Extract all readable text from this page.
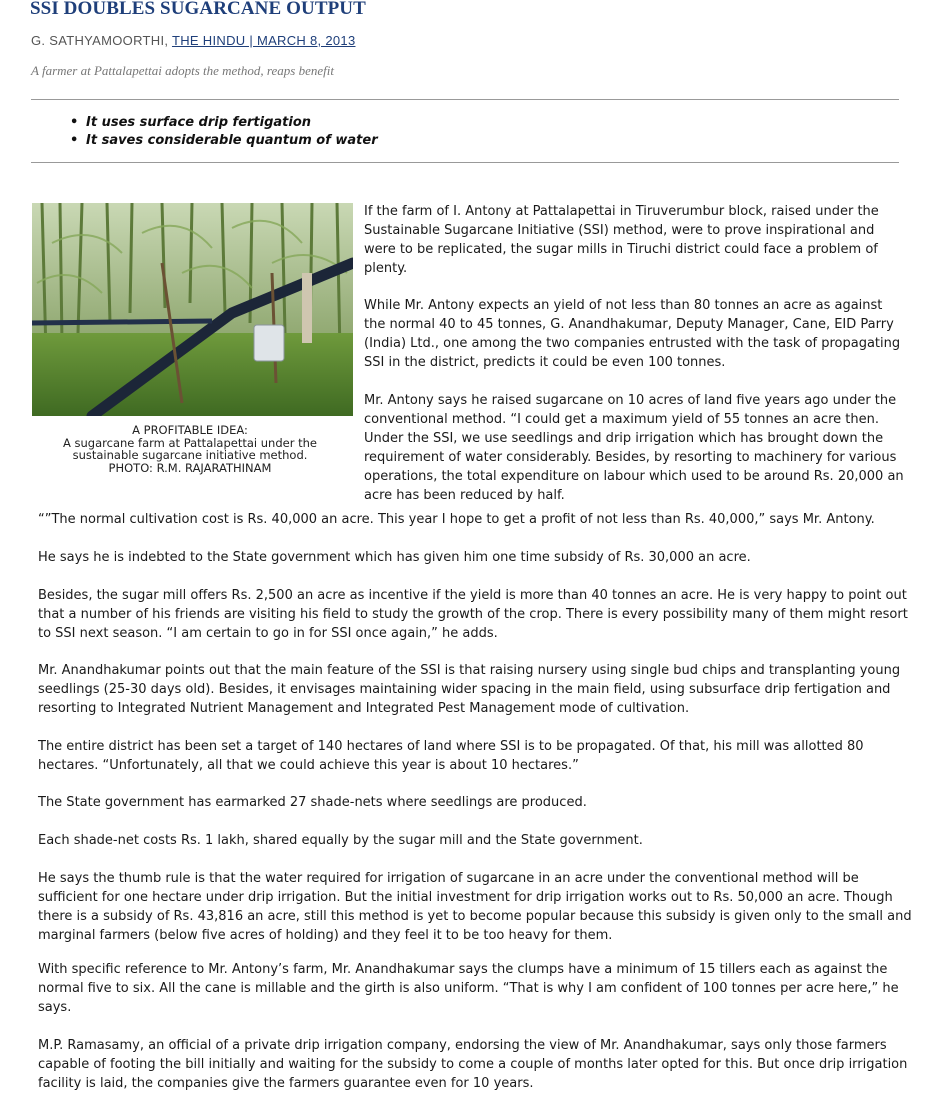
SSI DOUBLES SUGARCANE OUTPUT
G. SATHYAMOORTHI, THE HINDU | MARCH 8, 2013
A farmer at Pattalapettai adopts the method, reaps benefit
• It uses surface drip fertigation
• It saves considerable quantum of water
A PROFITABLE IDEA:
A sugarcane farm at Pattalapettai under the
sustainable sugarcane initiative method.
PHOTO: R.M. RAJARATHINAM

If the farm of I. Antony at Pattalapettai in Tiruverumbur block, raised under the Sustainable Sugarcane Initiative (SSI) method, were to prove inspirational and were to be replicated, the sugar mills in Tiruchi district could face a problem of plenty.

While Mr. Antony expects an yield of not less than 80 tonnes an acre as against the normal 40 to 45 tonnes, G. Anandhakumar, Deputy Manager, Cane, EID Parry (India) Ltd., one among the two companies entrusted with the task of propagating SSI in the district, predicts it could be even 100 tonnes.

Mr. Antony says he raised sugarcane on 10 acres of land five years ago under the conventional method. “I could get a maximum yield of 55 tonnes an acre then. Under the SSI, we use seedlings and drip irrigation which has brought down the requirement of water considerably. Besides, by resorting to machinery for various operations, the total expenditure on labour which used to be around Rs. 20,000 an acre has been reduced by half.

“”The normal cultivation cost is Rs. 40,000 an acre. This year I hope to get a profit of not less than Rs. 40,000,” says Mr. Antony.

He says he is indebted to the State government which has given him one time subsidy of Rs. 30,000 an acre.

Besides, the sugar mill offers Rs. 2,500 an acre as incentive if the yield is more than 40 tonnes an acre. He is very happy to point out that a number of his friends are visiting his field to study the growth of the crop. There is every possibility many of them might resort to SSI next season. “I am certain to go in for SSI once again,” he adds.

Mr. Anandhakumar points out that the main feature of the SSI is that raising nursery using single bud chips and transplanting young seedlings (25-30 days old). Besides, it envisages maintaining wider spacing in the main field, using subsurface drip fertigation and resorting to Integrated Nutrient Management and Integrated Pest Management mode of cultivation.

The entire district has been set a target of 140 hectares of land where SSI is to be propagated. Of that, his mill was allotted 80 hectares. “Unfortunately, all that we could achieve this year is about 10 hectares.”

The State government has earmarked 27 shade-nets where seedlings are produced.

Each shade-net costs Rs. 1 lakh, shared equally by the sugar mill and the State government.

He says the thumb rule is that the water required for irrigation of sugarcane in an acre under the conventional method will be sufficient for one hectare under drip irrigation. But the initial investment for drip irrigation works out to Rs. 50,000 an acre. Though there is a subsidy of Rs. 43,816 an acre, still this method is yet to become popular because this subsidy is given only to the small and marginal farmers (below five acres of holding) and they feel it to be too heavy for them.

With specific reference to Mr. Antony’s farm, Mr. Anandhakumar says the clumps have a minimum of 15 tillers each as against the normal five to six. All the cane is millable and the girth is also uniform. “That is why I am confident of 100 tonnes per acre here,” he says.

M.P. Ramasamy, an official of a private drip irrigation company, endorsing the view of Mr. Anandhakumar, says only those farmers capable of footing the bill initially and waiting for the subsidy to come a couple of months later opted for this. But once drip irrigation facility is laid, the companies give the farmers guarantee even for 10 years.
